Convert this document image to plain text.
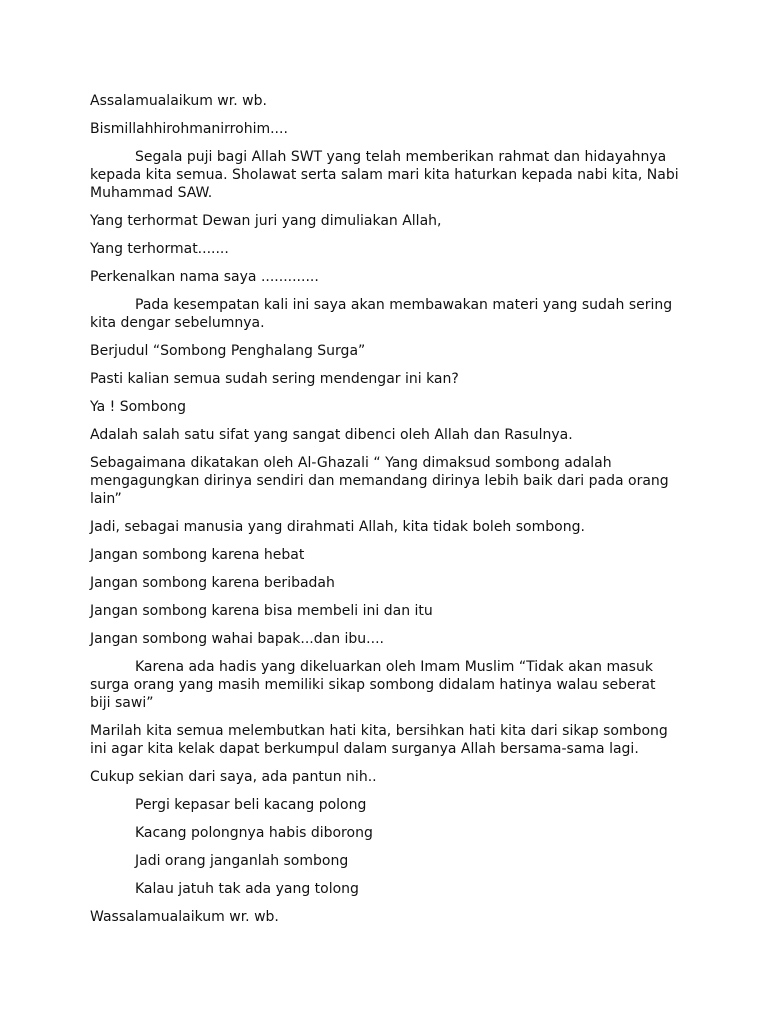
Assalamualaikum wr. wb.

Bismillahhirohmanirrohim....

Segala puji bagi Allah SWT yang telah memberikan rahmat dan hidayahnya kepada kita semua. Sholawat serta salam mari kita haturkan kepada nabi kita, Nabi Muhammad SAW.

Yang terhormat Dewan juri yang dimuliakan Allah,

Yang terhormat.......

Perkenalkan nama saya .............

Pada kesempatan kali ini saya akan membawakan materi yang sudah sering kita dengar sebelumnya.

Berjudul “Sombong Penghalang Surga”

Pasti kalian semua sudah sering mendengar ini kan?

Ya ! Sombong

Adalah salah satu sifat yang sangat dibenci oleh Allah dan Rasulnya.

Sebagaimana dikatakan oleh Al-Ghazali “ Yang dimaksud sombong adalah mengagungkan dirinya sendiri dan memandang dirinya lebih baik dari pada orang lain”

Jadi, sebagai manusia yang dirahmati Allah, kita tidak boleh sombong.

Jangan sombong karena hebat

Jangan sombong karena beribadah

Jangan sombong karena bisa membeli ini dan itu

Jangan sombong wahai bapak...dan ibu....

Karena ada hadis yang dikeluarkan oleh Imam Muslim “Tidak akan masuk surga orang yang masih memiliki sikap sombong didalam hatinya walau seberat biji sawi”

Marilah kita semua melembutkan hati kita, bersihkan hati kita dari sikap sombong ini agar kita kelak dapat berkumpul dalam surganya Allah bersama-sama lagi.

Cukup sekian dari saya, ada pantun nih..

Pergi kepasar beli kacang polong

Kacang polongnya habis diborong

Jadi orang janganlah sombong

Kalau jatuh tak ada yang tolong

Wassalamualaikum wr. wb.
